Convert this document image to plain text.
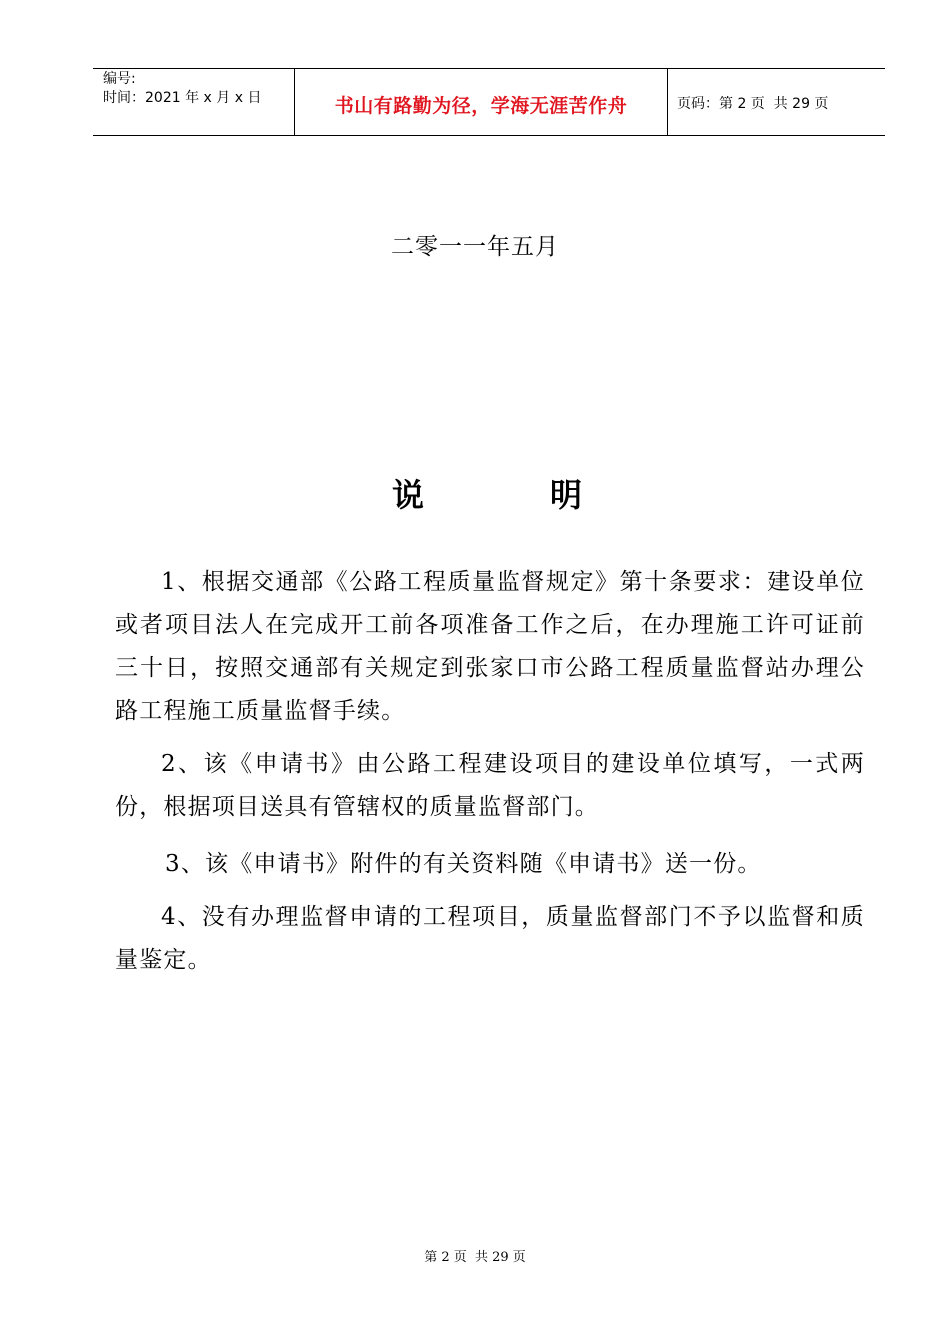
编号:
时间：2021 年 x 月 x 日	书山有路勤为径，学海无涯苦作舟	页码：第 2 页  共 29 页
二零一一年五月
说	明
1、根据交通部《公路工程质量监督规定》第十条要求：建设单位或者项目法人在完成开工前各项准备工作之后，在办理施工许可证前三十日，按照交通部有关规定到张家口市公路工程质量监督站办理公路工程施工质量监督手续。
2、该《申请书》由公路工程建设项目的建设单位填写，一式两份，根据项目送具有管辖权的质量监督部门。
3、该《申请书》附件的有关资料随《申请书》送一份。
4、没有办理监督申请的工程项目，质量监督部门不予以监督和质量鉴定。
第 2 页  共 29 页
